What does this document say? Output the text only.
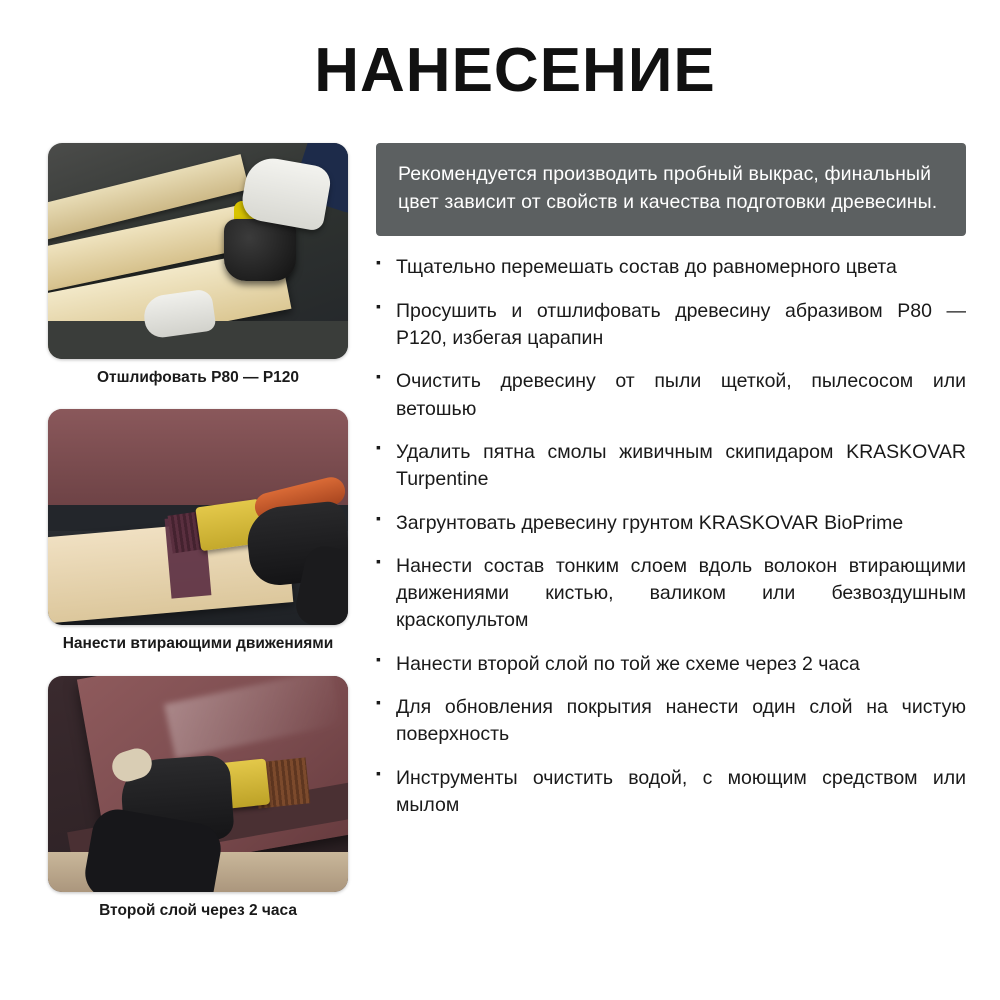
НАНЕСЕНИЕ
Отшлифовать P80 — P120
Нанести втирающими движениями
Второй слой через 2 часа
Рекомендуется производить пробный выкрас, финальный цвет зависит от свойств и качества подготовки древесины.
▪ Тщательно перемешать состав до равномерного цвета
▪ Просушить и отшлифовать древесину абразивом P80 — P120, избегая царапин
▪ Очистить древесину от пыли щеткой, пылесосом или ветошью
▪ Удалить пятна смолы живичным скипидаром KRASKOVAR Turpentine
▪ Загрунтовать древесину грунтом KRASKOVAR BioPrime
▪ Нанести состав тонким слоем вдоль волокон втирающими движениями кистью, валиком или безвоздушным краскопультом
▪ Нанести второй слой по той же схеме через 2 часа
▪ Для обновления покрытия нанести один слой на чистую поверхность
▪ Инструменты очистить водой, с моющим средством или мылом
